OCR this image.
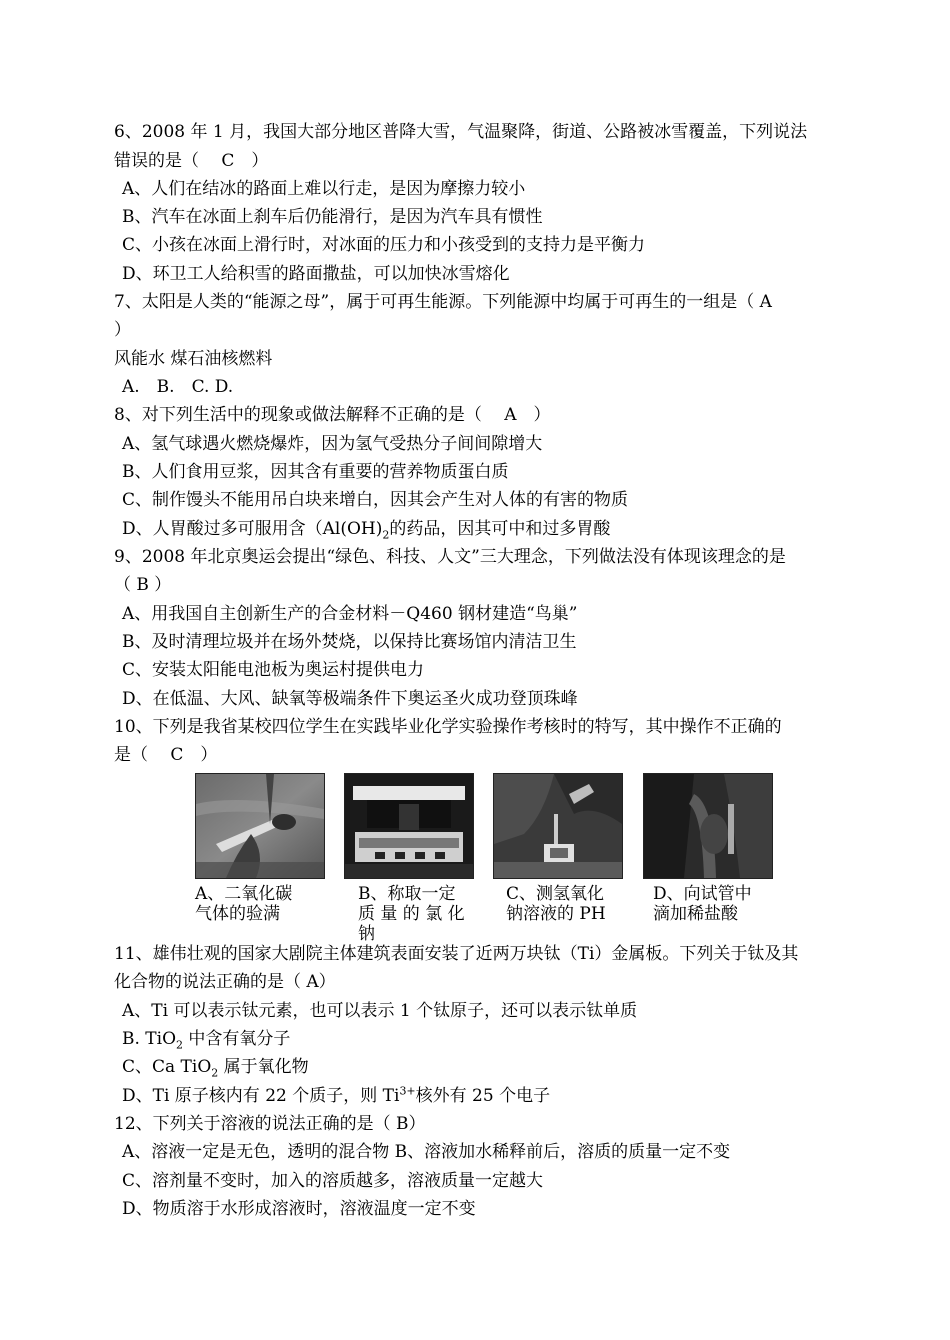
6、2008 年 1 月，我国大部分地区普降大雪，气温聚降，街道、公路被冰雪覆盖，下列说法
错误的是（　 C　）
A、人们在结冰的路面上难以行走，是因为摩擦力较小
B、汽车在冰面上刹车后仍能滑行，是因为汽车具有惯性
C、小孩在冰面上滑行时，对冰面的压力和小孩受到的支持力是平衡力
D、环卫工人给积雪的路面撒盐，可以加快冰雪熔化
7、太阳是人类的“能源之母”，属于可再生能源。下列能源中均属于可再生的一组是（ A
）
风能水 煤石油核燃料
A.　B.　C. D.
8、对下列生活中的现象或做法解释不正确的是（　 A　）
A、氢气球遇火燃烧爆炸，因为氢气受热分子间间隙增大
B、人们食用豆浆，因其含有重要的营养物质蛋白质
C、制作馒头不能用吊白块来增白，因其会产生对人体的有害的物质
D、人胃酸过多可服用含（$Al(OH)_2$的药品，因其可中和过多胃酸
9、2008 年北京奥运会提出“绿色、科技、人文”三大理念，下列做法没有体现该理念的是
（ B ）
A、用我国自主创新生产的合金材料－Q460 钢材建造“鸟巢”
B、及时清理垃圾并在场外焚烧，以保持比赛场馆内清洁卫生
C、安装太阳能电池板为奥运村提供电力
D、在低温、大风、缺氧等极端条件下奥运圣火成功登顶珠峰
10、下列是我省某校四位学生在实践毕业化学实验操作考核时的特写，其中操作不正确的
是（　 C　）
A、二氧化碳
气体的验满
B、称取一定
质 量 的 氯 化
钠
C、测氢氧化
钠溶液的 PH
D、向试管中
滴加稀盐酸
11、雄伟壮观的国家大剧院主体建筑表面安装了近两万块钛（Ti）金属板。下列关于钛及其
化合物的说法正确的是（ A）
A、Ti 可以表示钛元素，也可以表示 1 个钛原子，还可以表示钛单质
B. TiO$_2$ 中含有氧分子
C、Ca TiO$_2$ 属于氧化物
D、Ti 原子核内有 22 个质子，则 $Ti^{3+}$核外有 25 个电子
12、下列关于溶液的说法正确的是（ B）
A、溶液一定是无色，透明的混合物 B、溶液加水稀释前后，溶质的质量一定不变
C、溶剂量不变时，加入的溶质越多，溶液质量一定越大
D、物质溶于水形成溶液时，溶液温度一定不变
